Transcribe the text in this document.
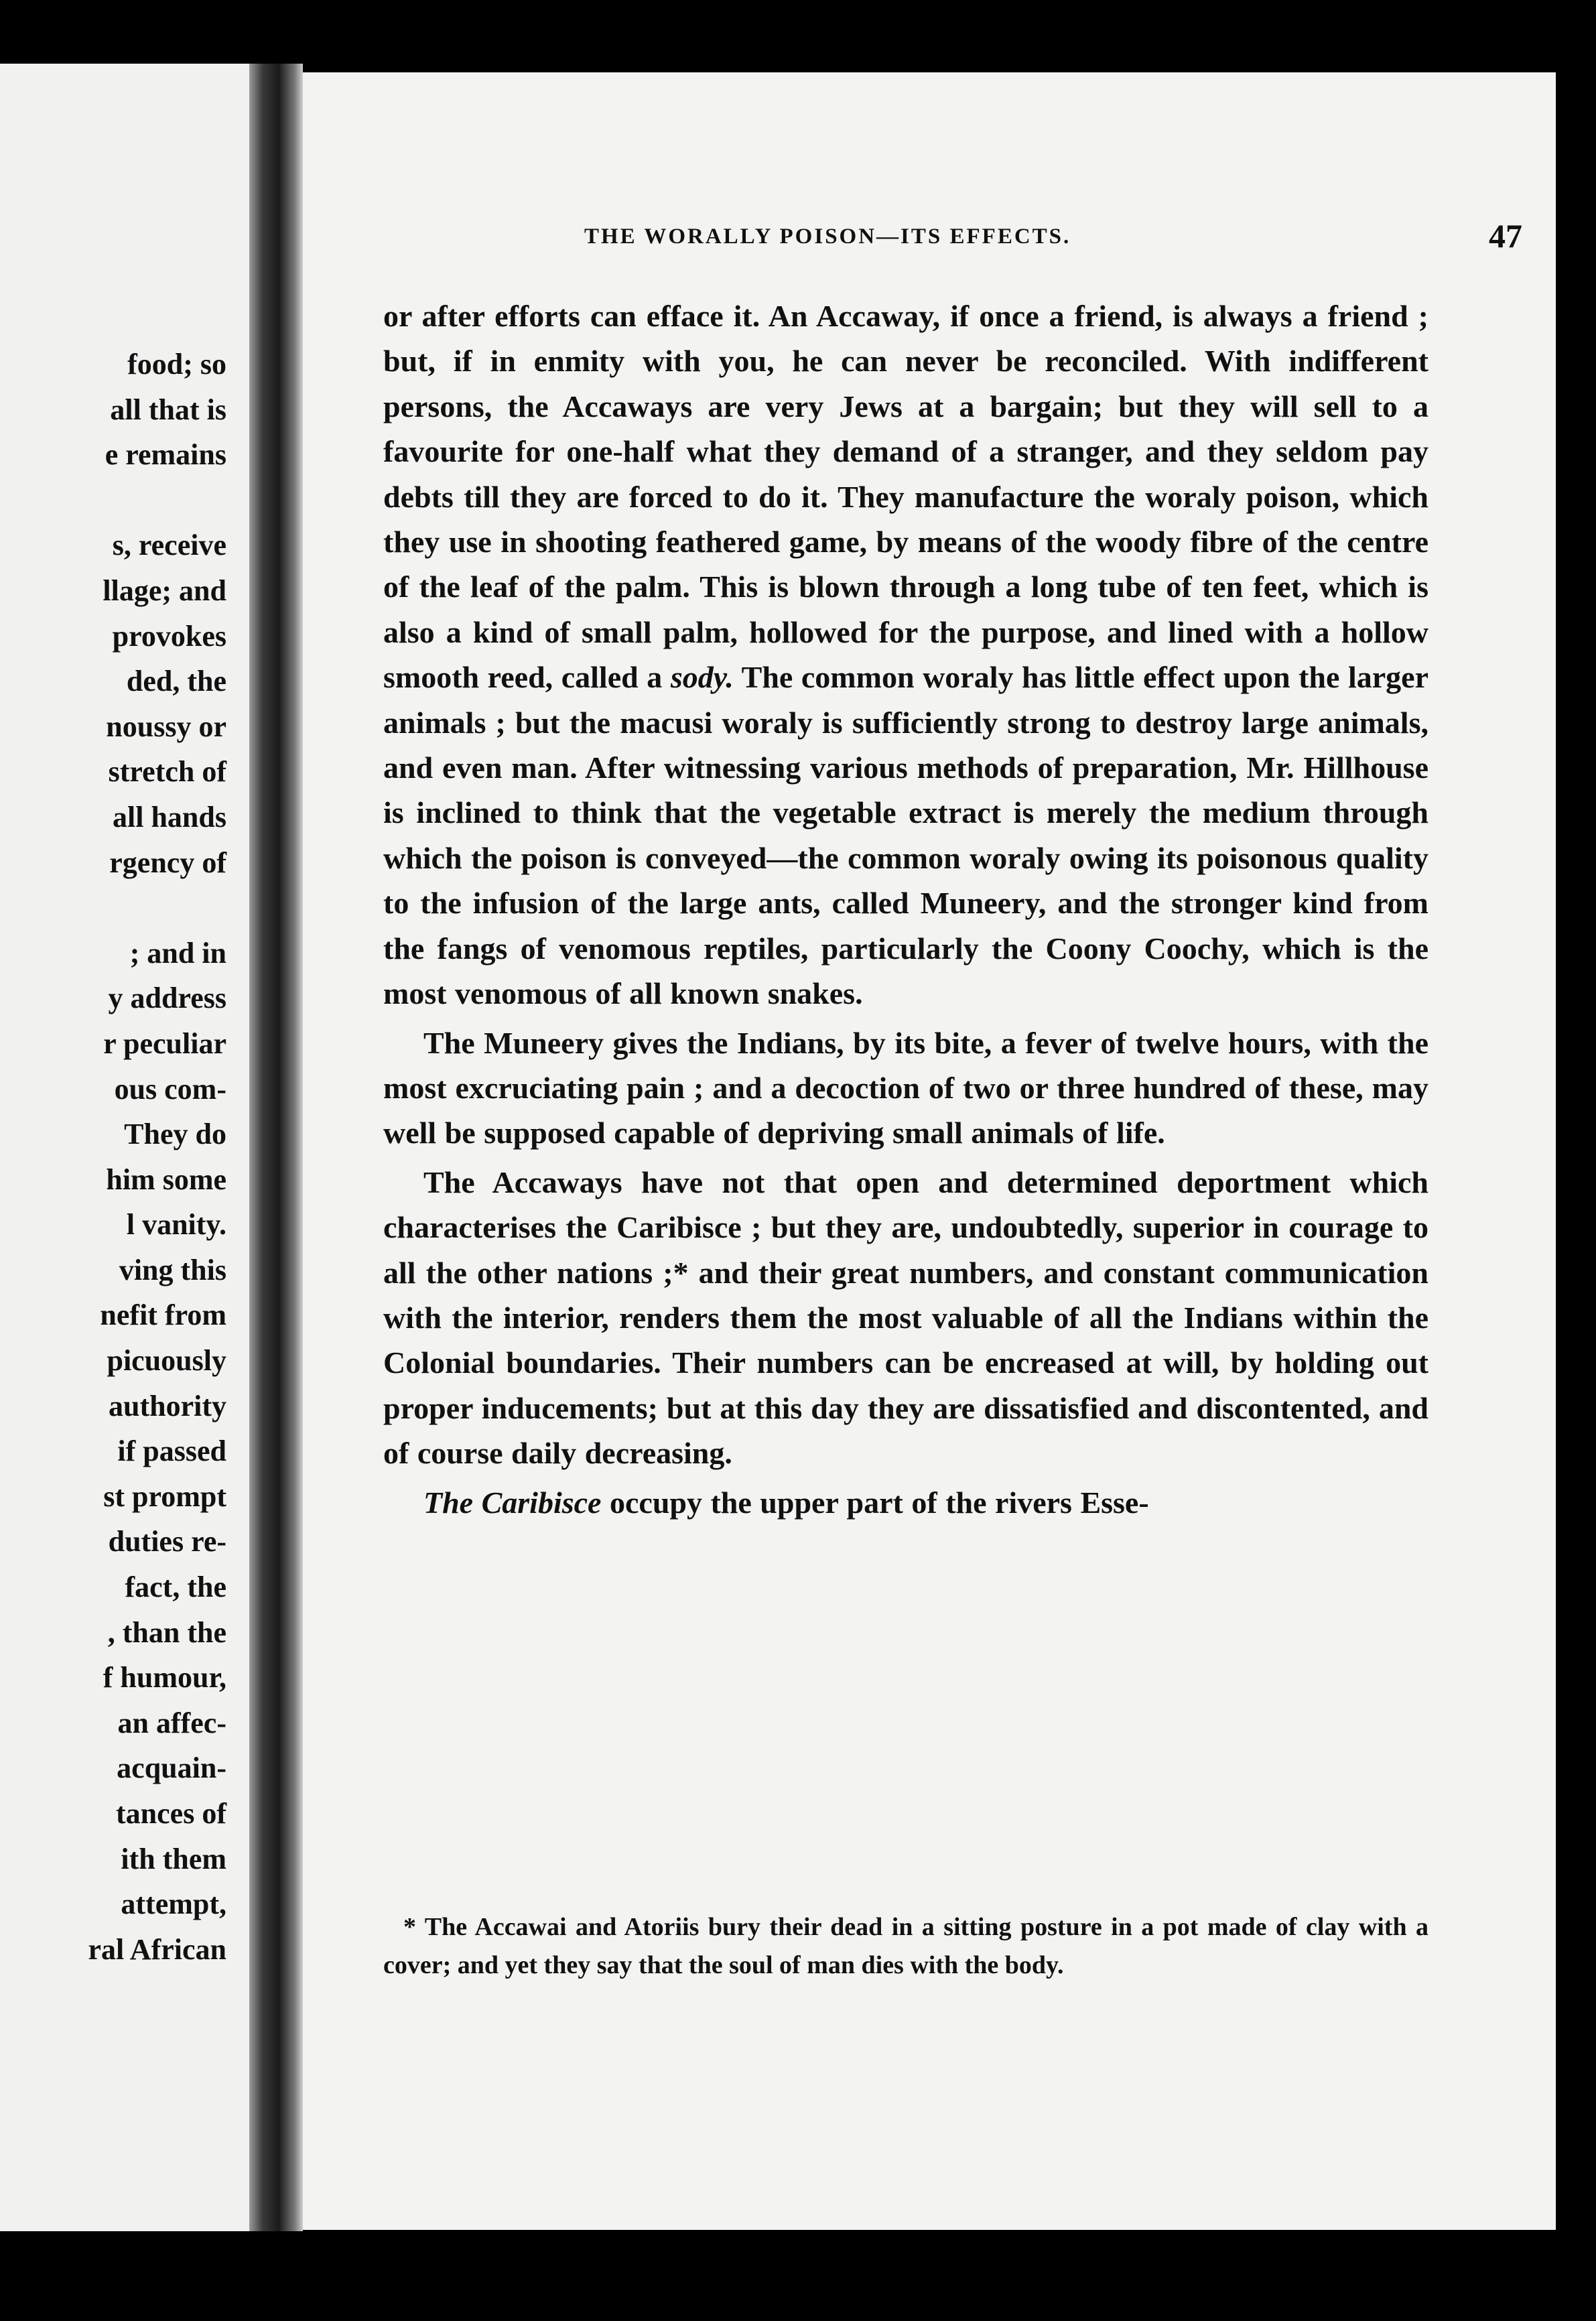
food; so
all that is
e remains

s, receive
llage; and
provokes
ded, the
noussy or
stretch of
all hands
rgency of

; and in
y address
r peculiar
ous com-
They do
him some
l vanity.
ving this
nefit from
picuously
authority
if passed
st prompt
duties re-
fact, the
, than the
f humour,
an affec-
acquain-
tances of
ith them
attempt,
ral African
THE WORALLY POISON—ITS EFFECTS.	47

or after efforts can efface it. An Accaway, if once a friend, is always a friend ; but, if in enmity with you, he can never be reconciled. With indifferent persons, the Accaways are very Jews at a bargain; but they will sell to a favourite for one-half what they demand of a stranger, and they seldom pay debts till they are forced to do it. They manufacture the woraly poison, which they use in shooting feathered game, by means of the woody fibre of the centre of the leaf of the palm. This is blown through a long tube of ten feet, which is also a kind of small palm, hollowed for the purpose, and lined with a hollow smooth reed, called a sody. The common woraly has little effect upon the larger animals ; but the macusi woraly is sufficiently strong to destroy large animals, and even man. After witnessing various methods of preparation, Mr. Hillhouse is inclined to think that the vegetable extract is merely the medium through which the poison is conveyed—the common woraly owing its poisonous quality to the infusion of the large ants, called Muneery, and the stronger kind from the fangs of venomous reptiles, particularly the Coony Coochy, which is the most venomous of all known snakes.

The Muneery gives the Indians, by its bite, a fever of twelve hours, with the most excruciating pain ; and a decoction of two or three hundred of these, may well be supposed capable of depriving small animals of life.

The Accaways have not that open and determined deportment which characterises the Caribisce ; but they are, undoubtedly, superior in courage to all the other nations ;* and their great numbers, and constant communication with the interior, renders them the most valuable of all the Indians within the Colonial boundaries. Their numbers can be encreased at will, by holding out proper inducements; but at this day they are dissatisfied and discontented, and of course daily decreasing.

The Caribisce occupy the upper part of the rivers Esse-

* The Accawai and Atoriis bury their dead in a sitting posture in a pot made of clay with a cover; and yet they say that the soul of man dies with the body.
